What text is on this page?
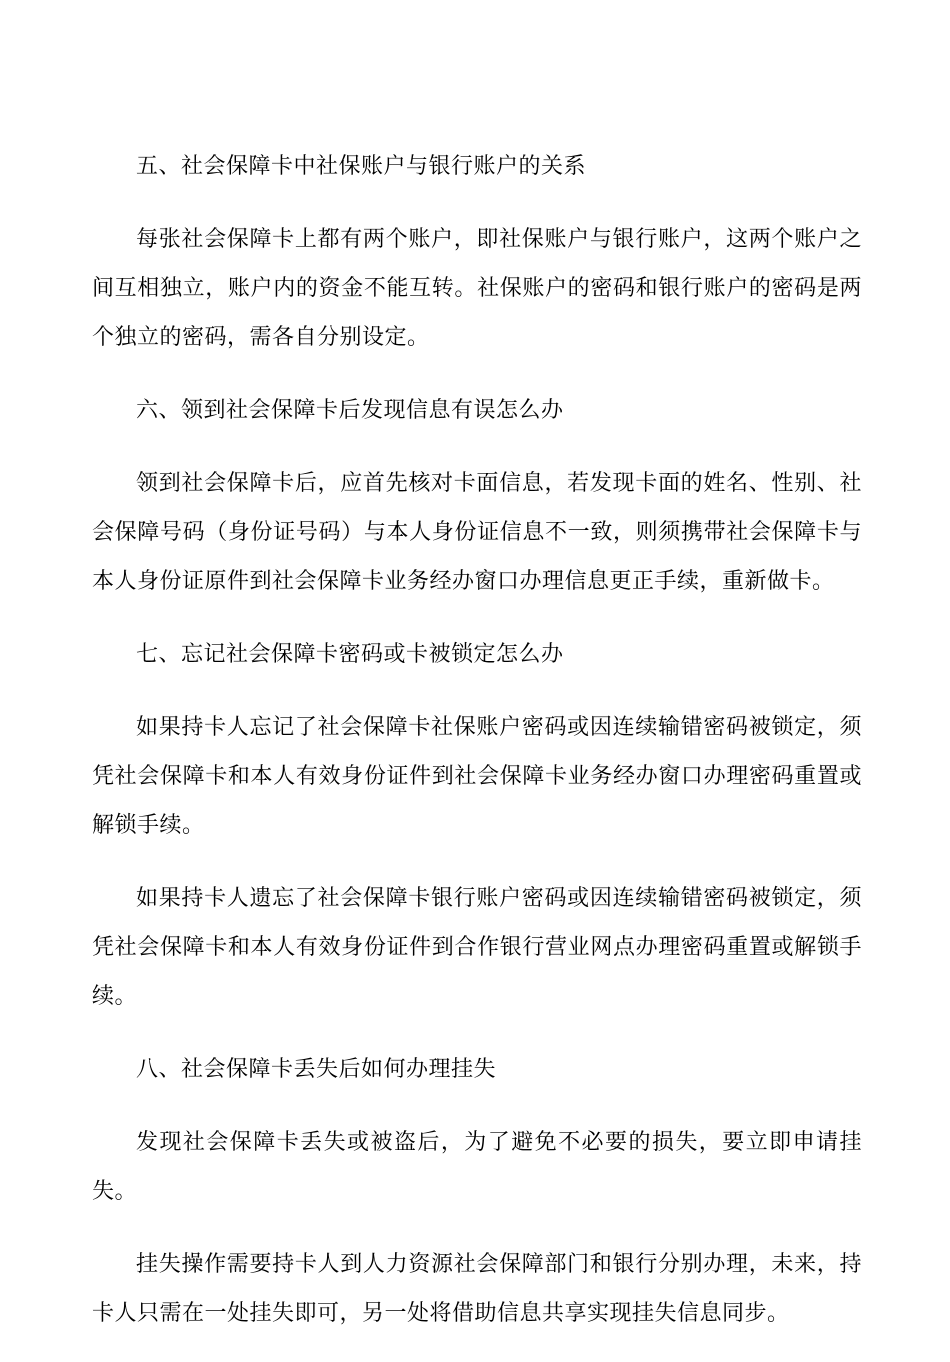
五、社会保障卡中社保账户与银行账户的关系

每张社会保障卡上都有两个账户，即社保账户与银行账户，这两个账户之间互相独立，账户内的资金不能互转。社保账户的密码和银行账户的密码是两个独立的密码，需各自分别设定。

六、领到社会保障卡后发现信息有误怎么办

领到社会保障卡后，应首先核对卡面信息，若发现卡面的姓名、性别、社会保障号码（身份证号码）与本人身份证信息不一致，则须携带社会保障卡与本人身份证原件到社会保障卡业务经办窗口办理信息更正手续，重新做卡。

七、忘记社会保障卡密码或卡被锁定怎么办

如果持卡人忘记了社会保障卡社保账户密码或因连续输错密码被锁定，须凭社会保障卡和本人有效身份证件到社会保障卡业务经办窗口办理密码重置或解锁手续。

如果持卡人遗忘了社会保障卡银行账户密码或因连续输错密码被锁定，须凭社会保障卡和本人有效身份证件到合作银行营业网点办理密码重置或解锁手续。

八、社会保障卡丢失后如何办理挂失

发现社会保障卡丢失或被盗后，为了避免不必要的损失，要立即申请挂失。

挂失操作需要持卡人到人力资源社会保障部门和银行分别办理，未来，持卡人只需在一处挂失即可，另一处将借助信息共享实现挂失信息同步。
